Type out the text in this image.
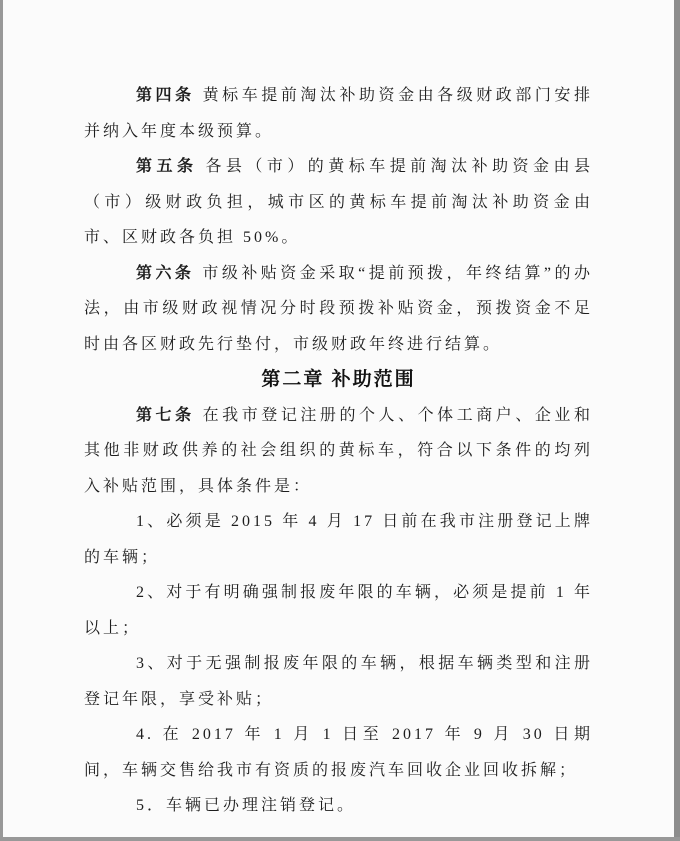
第四条 黄标车提前淘汰补助资金由各级财政部门安排并纳入年度本级预算。

第五条 各县（市）的黄标车提前淘汰补助资金由县（市）级财政负担，城市区的黄标车提前淘汰补助资金由市、区财政各负担 50%。

第六条 市级补贴资金采取“提前预拨，年终结算”的办法，由市级财政视情况分时段预拨补贴资金，预拨资金不足时由各区财政先行垫付，市级财政年终进行结算。

第二章 补助范围

第七条 在我市登记注册的个人、个体工商户、企业和其他非财政供养的社会组织的黄标车，符合以下条件的均列入补贴范围，具体条件是：

1、必须是 2015 年 4 月 17 日前在我市注册登记上牌的车辆；

2、对于有明确强制报废年限的车辆，必须是提前 1 年以上；

3、对于无强制报废年限的车辆，根据车辆类型和注册登记年限，享受补贴；

4. 在 2017 年 1 月 1 日至 2017 年 9 月 30 日期间，车辆交售给我市有资质的报废汽车回收企业回收拆解；

5．车辆已办理注销登记。
